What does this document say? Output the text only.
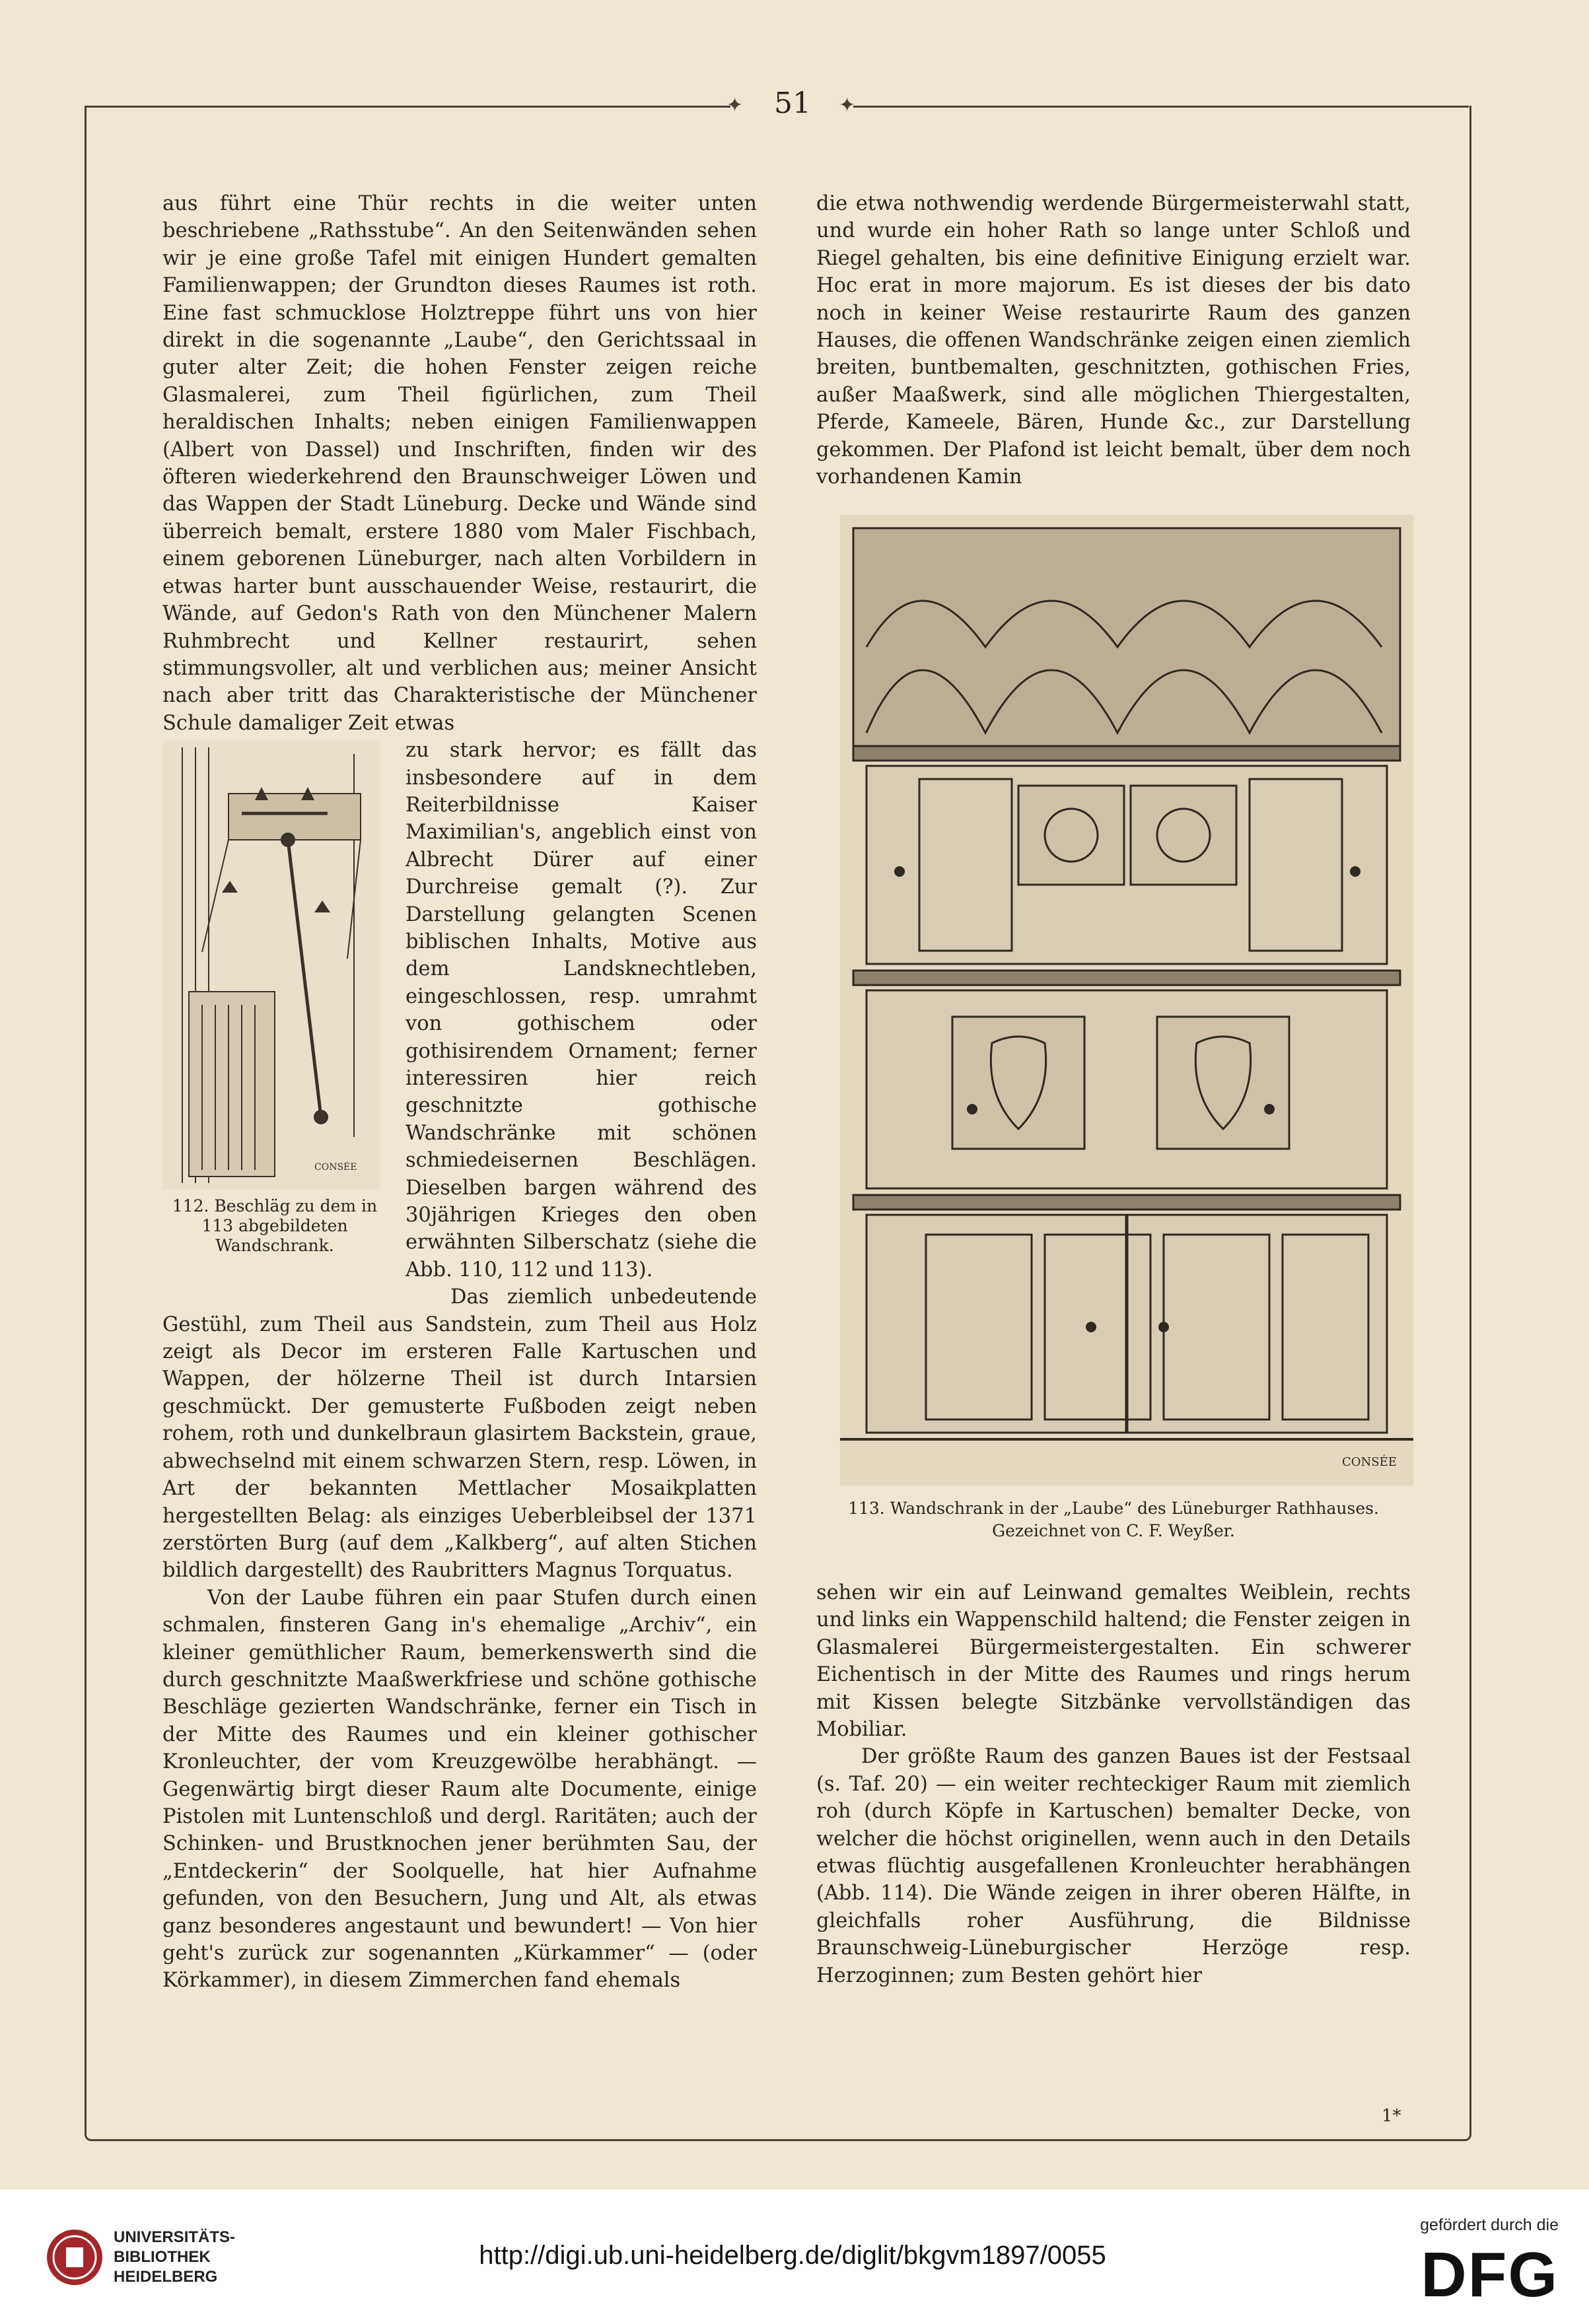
✦	✦
51

aus führt eine Thür rechts in die weiter unten beschriebene „Rathsstube“. An den Seitenwänden sehen wir je eine große Tafel mit einigen Hundert gemalten Familienwappen; der Grundton dieses Raumes ist roth. Eine fast schmucklose Holztreppe führt uns von hier direkt in die sogenannte „Laube“, den Gerichtssaal in guter alter Zeit; die hohen Fenster zeigen reiche Glasmalerei, zum Theil figürlichen, zum Theil heraldischen Inhalts; neben einigen Familienwappen (Albert von Dassel) und Inschriften, finden wir des öfteren wiederkehrend den Braunschweiger Löwen und das Wappen der Stadt Lüneburg. Decke und Wände sind überreich bemalt, erstere 1880 vom Maler Fischbach, einem geborenen Lüneburger, nach alten Vorbildern in etwas harter bunt ausschauender Weise, restaurirt, die Wände, auf Gedon's Rath von den Münchener Malern Ruhmbrecht und Kellner restaurirt, sehen stimmungsvoller, alt und verblichen aus; meiner Ansicht nach aber tritt das Charakteristische der Münchener Schule damaliger Zeit etwas

CONSÉE
112. Beschläg zu dem in 113 abgebildeten Wandschrank.

zu stark hervor; es fällt das insbesondere auf in dem Reiterbildnisse Kaiser Maximilian's, angeblich einst von Albrecht Dürer auf einer Durchreise gemalt (?). Zur Darstellung gelangten Scenen biblischen Inhalts, Motive aus dem Landsknechtleben, eingeschlossen, resp. umrahmt von gothischem oder gothisirendem Ornament; ferner interessiren hier reich geschnitzte gothische Wandschränke mit schönen schmiedeisernen Beschlägen. Dieselben bargen während des 30jährigen Krieges den oben erwähnten Silberschatz (siehe die Abb. 110, 112 und 113).

Das ziemlich unbedeutende Gestühl, zum Theil aus Sandstein, zum Theil aus Holz zeigt als Decor im ersteren Falle Kartuschen und Wappen, der hölzerne Theil ist durch Intarsien geschmückt. Der gemusterte Fußboden zeigt neben rohem, roth und dunkelbraun glasirtem Backstein, graue, abwechselnd mit einem schwarzen Stern, resp. Löwen, in Art der bekannten Mettlacher Mosaikplatten hergestellten Belag: als einziges Ueberbleibsel der 1371 zerstörten Burg (auf dem „Kalkberg“, auf alten Stichen bildlich dargestellt) des Raubritters Magnus Torquatus.

Von der Laube führen ein paar Stufen durch einen schmalen, finsteren Gang in's ehemalige „Archiv“, ein kleiner gemüthlicher Raum, bemerkenswerth sind die durch geschnitzte Maaßwerkfriese und schöne gothische Beschläge gezierten Wandschränke, ferner ein Tisch in der Mitte des Raumes und ein kleiner gothischer Kronleuchter, der vom Kreuzgewölbe herabhängt. — Gegenwärtig birgt dieser Raum alte Documente, einige Pistolen mit Luntenschloß und dergl. Raritäten; auch der Schinken- und Brustknochen jener berühmten Sau, der „Entdeckerin“ der Soolquelle, hat hier Aufnahme gefunden, von den Besuchern, Jung und Alt, als etwas ganz besonderes angestaunt und bewundert! — Von hier geht's zurück zur sogenannten „Kürkammer“ — (oder Körkammer), in diesem Zimmerchen fand ehemals

die etwa nothwendig werdende Bürgermeisterwahl statt, und wurde ein hoher Rath so lange unter Schloß und Riegel gehalten, bis eine definitive Einigung erzielt war. Hoc erat in more majorum. Es ist dieses der bis dato noch in keiner Weise restaurirte Raum des ganzen Hauses, die offenen Wandschränke zeigen einen ziemlich breiten, buntbemalten, geschnitzten, gothischen Fries, außer Maaßwerk, sind alle möglichen Thiergestalten, Pferde, Kameele, Bären, Hunde &c., zur Darstellung gekommen. Der Plafond ist leicht bemalt, über dem noch vorhandenen Kamin

CONSÉE
113. Wandschrank in der „Laube“ des Lüneburger Rathhauses.
Gezeichnet von C. F. Weyßer.

sehen wir ein auf Leinwand gemaltes Weiblein, rechts und links ein Wappenschild haltend; die Fenster zeigen in Glasmalerei Bürgermeistergestalten. Ein schwerer Eichentisch in der Mitte des Raumes und rings herum mit Kissen belegte Sitzbänke vervollständigen das Mobiliar.

Der größte Raum des ganzen Baues ist der Festsaal (s. Taf. 20) — ein weiter rechteckiger Raum mit ziemlich roh (durch Köpfe in Kartuschen) bemalter Decke, von welcher die höchst originellen, wenn auch in den Details etwas flüchtig ausgefallenen Kronleuchter herabhängen (Abb. 114). Die Wände zeigen in ihrer oberen Hälfte, in gleichfalls roher Ausführung, die Bildnisse Braunschweig-Lüneburgischer Herzöge resp. Herzoginnen; zum Besten gehört hier

1*
UNIVERSITÄTS-
BIBLIOTHEK
HEIDELBERG
http://digi.ub.uni-heidelberg.de/diglit/bkgvm1897/0055
gefördert durch die
DFG
